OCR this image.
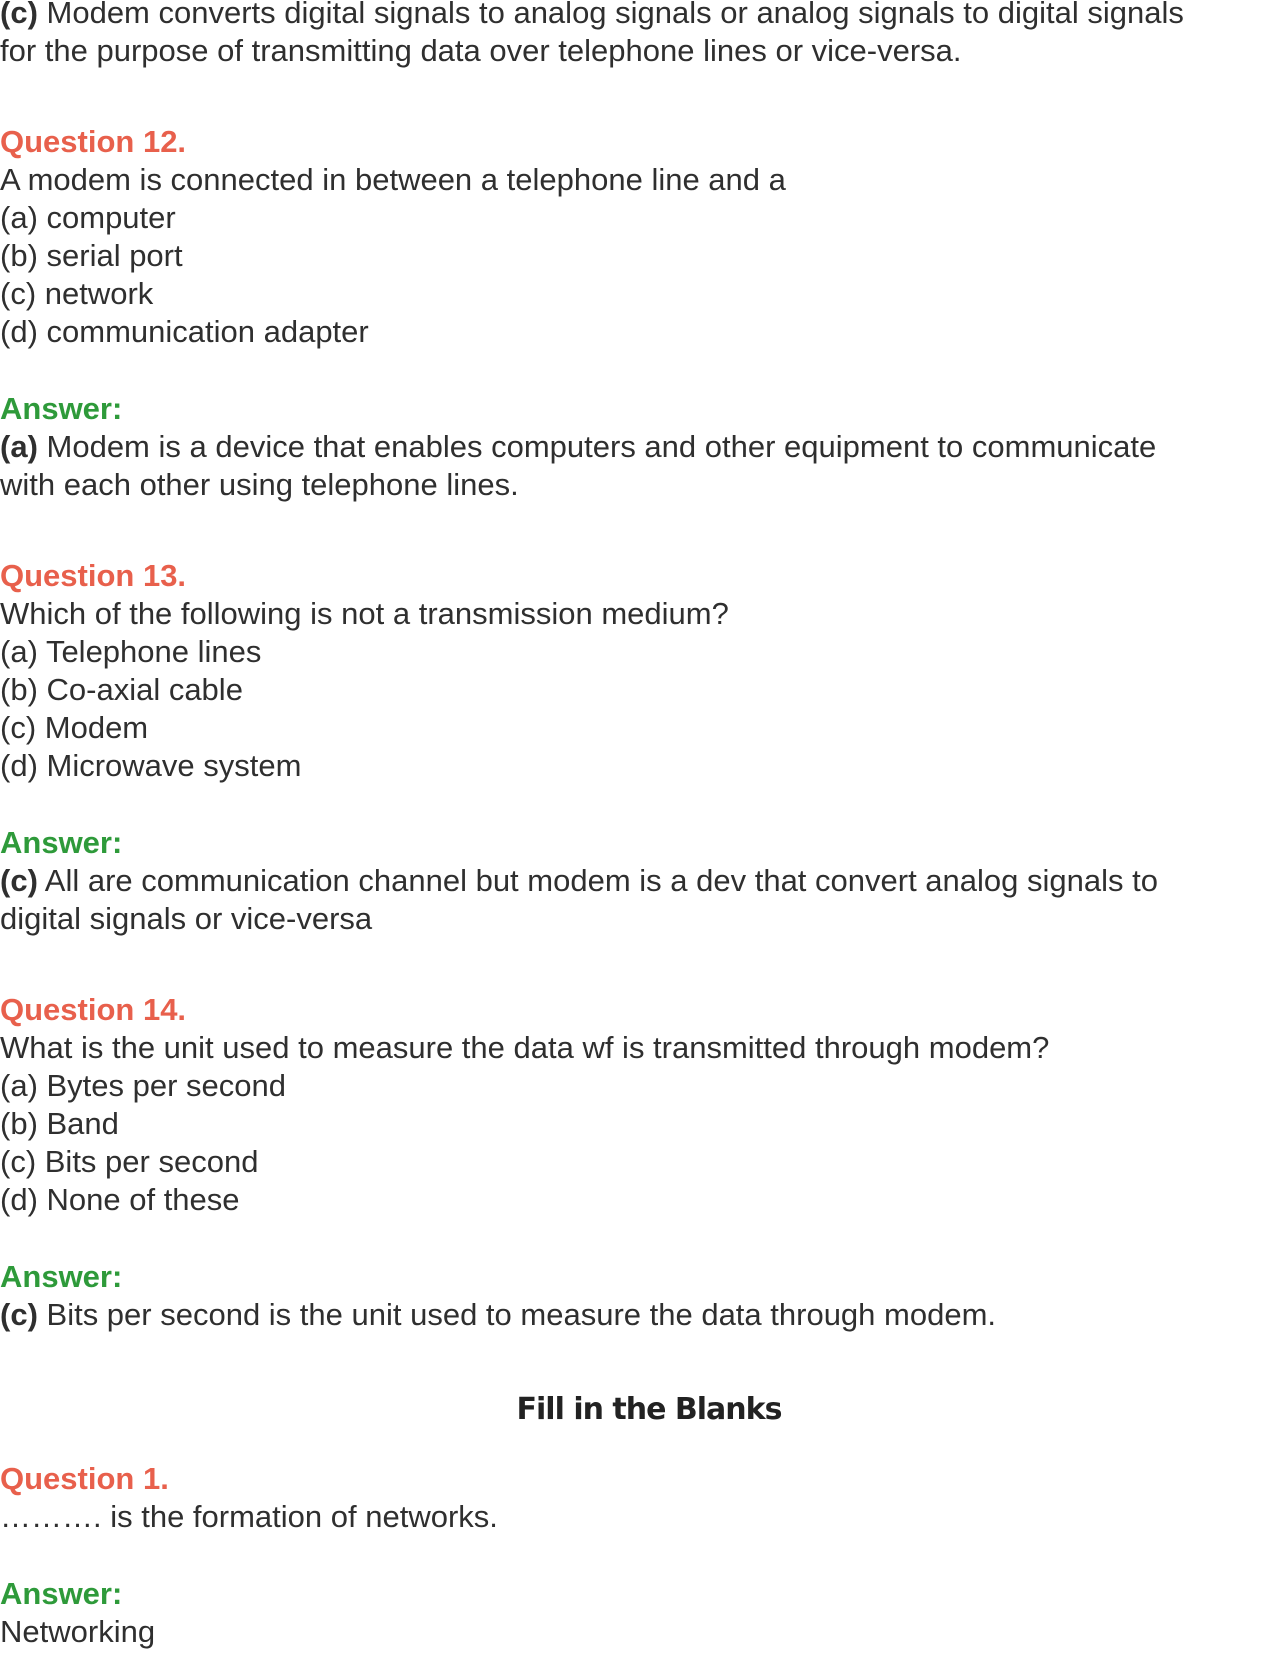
(c) Modem converts digital signals to analog signals or analog signals to digital signals
for the purpose of transmitting data over telephone lines or vice-versa.
Question 12.
A modem is connected in between a telephone line and a
(a) computer
(b) serial port
(c) network
(d) communication adapter
Answer:
(a) Modem is a device that enables computers and other equipment to communicate
with each other using telephone lines.
Question 13.
Which of the following is not a transmission medium?
(a) Telephone lines
(b) Co-axial cable
(c) Modem
(d) Microwave system
Answer:
(c) All are communication channel but modem is a dev that convert analog signals to
digital signals or vice-versa
Question 14.
What is the unit used to measure the data wf is transmitted through modem?
(a) Bytes per second
(b) Band
(c) Bits per second
(d) None of these
Answer:
(c) Bits per second is the unit used to measure the data through modem.
Fill in the Blanks
Question 1.
………. is the formation of networks.
Answer:
Networking
